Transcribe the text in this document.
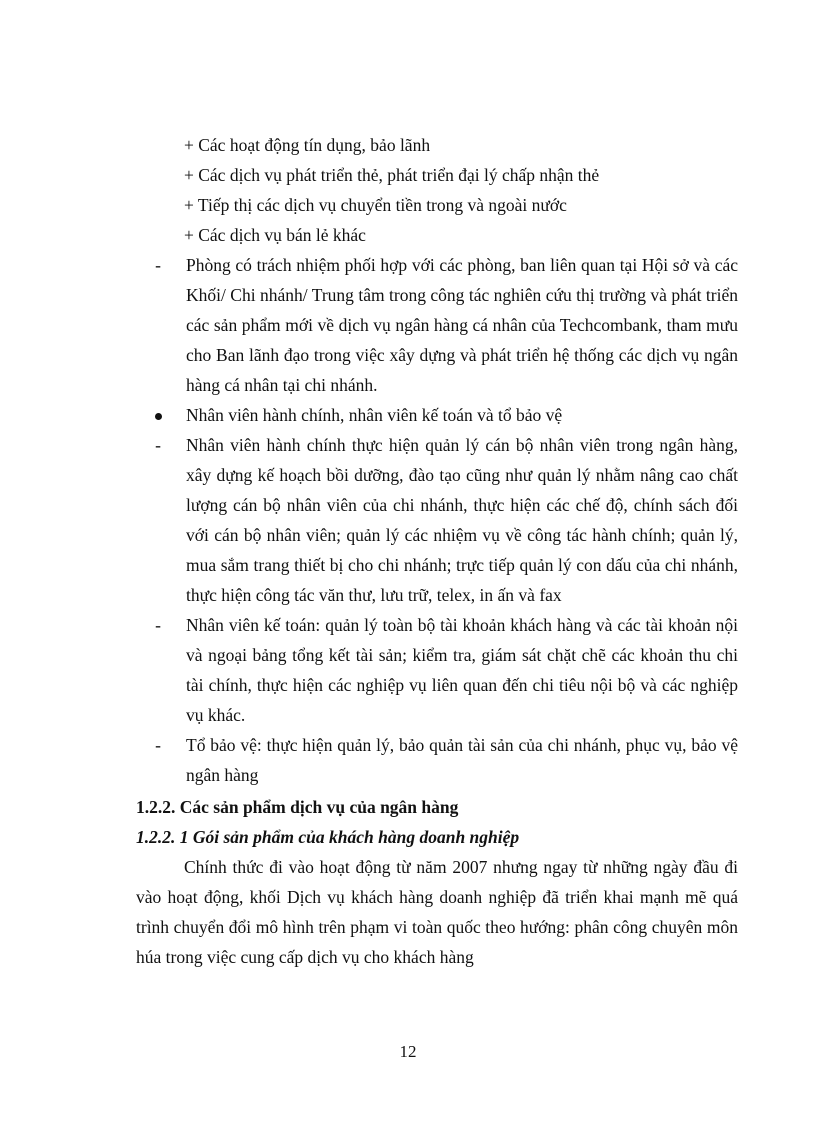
+ Các hoạt động tín dụng, bảo lãnh
+ Các dịch vụ phát triển thẻ, phát triển đại lý chấp nhận thẻ
+ Tiếp thị các dịch vụ chuyển tiền trong và ngoài nước
+ Các dịch vụ bán lẻ khác
-	Phòng có trách nhiệm phối hợp với các phòng, ban liên quan tại Hội sở và các Khối/ Chi nhánh/ Trung tâm trong công tác nghiên cứu thị trường và phát triển các sản phẩm mới về dịch vụ ngân hàng cá nhân của Techcombank, tham mưu cho Ban lãnh đạo trong việc xây dựng và phát triển hệ thống các dịch vụ ngân hàng cá nhân tại chi nhánh.
Nhân viên hành chính, nhân viên kế toán và tổ bảo vệ
-	Nhân viên hành chính thực hiện quản lý cán bộ nhân viên trong ngân hàng, xây dựng kế hoạch bồi dưỡng, đào tạo cũng như quản lý nhằm nâng cao chất lượng cán bộ nhân viên của chi nhánh, thực hiện các chế độ, chính sách đối với cán bộ nhân viên; quản lý các nhiệm vụ về công tác hành chính; quản lý, mua sắm trang thiết bị cho chi nhánh; trực tiếp quản lý con dấu của chi nhánh, thực hiện công tác văn thư, lưu trữ, telex, in ấn và fax
-	Nhân viên kế toán: quản lý toàn bộ tài khoản khách hàng và các tài khoản nội và ngoại bảng tổng kết tài sản; kiểm tra, giám sát chặt chẽ các khoản thu chi tài chính, thực hiện các nghiệp vụ liên quan đến chi tiêu nội bộ và các nghiệp vụ khác.
-	Tổ bảo vệ: thực hiện quản lý, bảo quản tài sản của chi nhánh, phục vụ, bảo vệ ngân hàng
1.2.2. Các sản phẩm dịch vụ của ngân hàng
1.2.2. 1 Gói sản phẩm của khách hàng doanh nghiệp
Chính thức đi vào hoạt động từ năm 2007 nhưng ngay từ những ngày đầu đi vào hoạt động, khối Dịch vụ khách hàng doanh nghiệp đã triển khai mạnh mẽ quá trình chuyển đổi mô hình trên phạm vi toàn quốc theo hướng: phân công chuyên môn húa trong việc cung cấp dịch vụ cho khách hàng
12
